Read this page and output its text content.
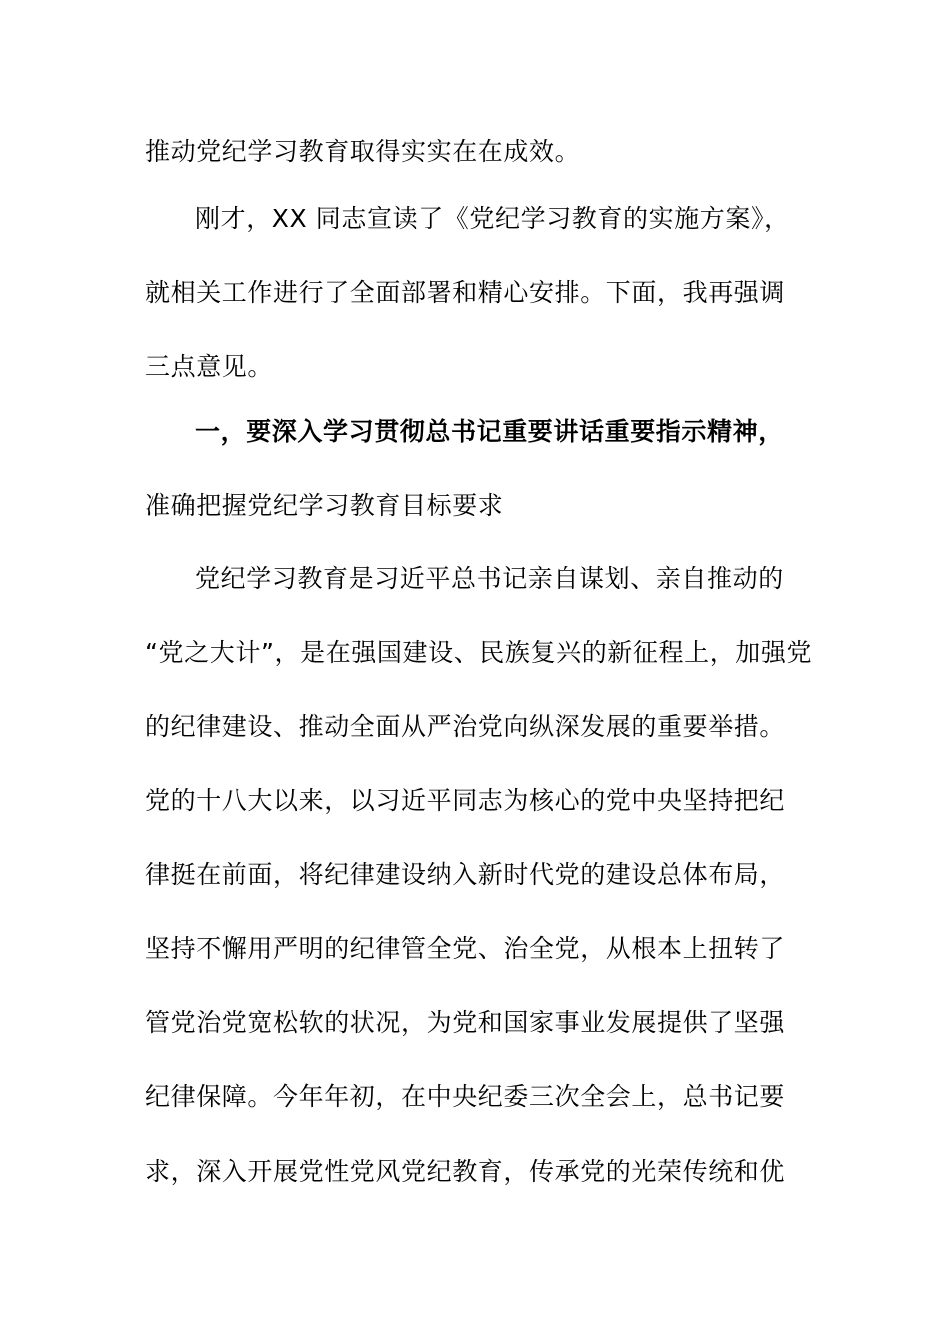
推动党纪学习教育取得实实在在成效。
刚才，XX 同志宣读了《党纪学习教育的实施方案》，
就相关工作进行了全面部署和精心安排。下面，我再强调
三点意见。
一，要深入学习贯彻总书记重要讲话重要指示精神，
准确把握党纪学习教育目标要求
党纪学习教育是习近平总书记亲自谋划、亲自推动的
“党之大计”，是在强国建设、民族复兴的新征程上，加强党
的纪律建设、推动全面从严治党向纵深发展的重要举措。
党的十八大以来，以习近平同志为核心的党中央坚持把纪
律挺在前面，将纪律建设纳入新时代党的建设总体布局，
坚持不懈用严明的纪律管全党、治全党，从根本上扭转了
管党治党宽松软的状况，为党和国家事业发展提供了坚强
纪律保障。今年年初，在中央纪委三次全会上，总书记要
求，深入开展党性党风党纪教育，传承党的光荣传统和优
